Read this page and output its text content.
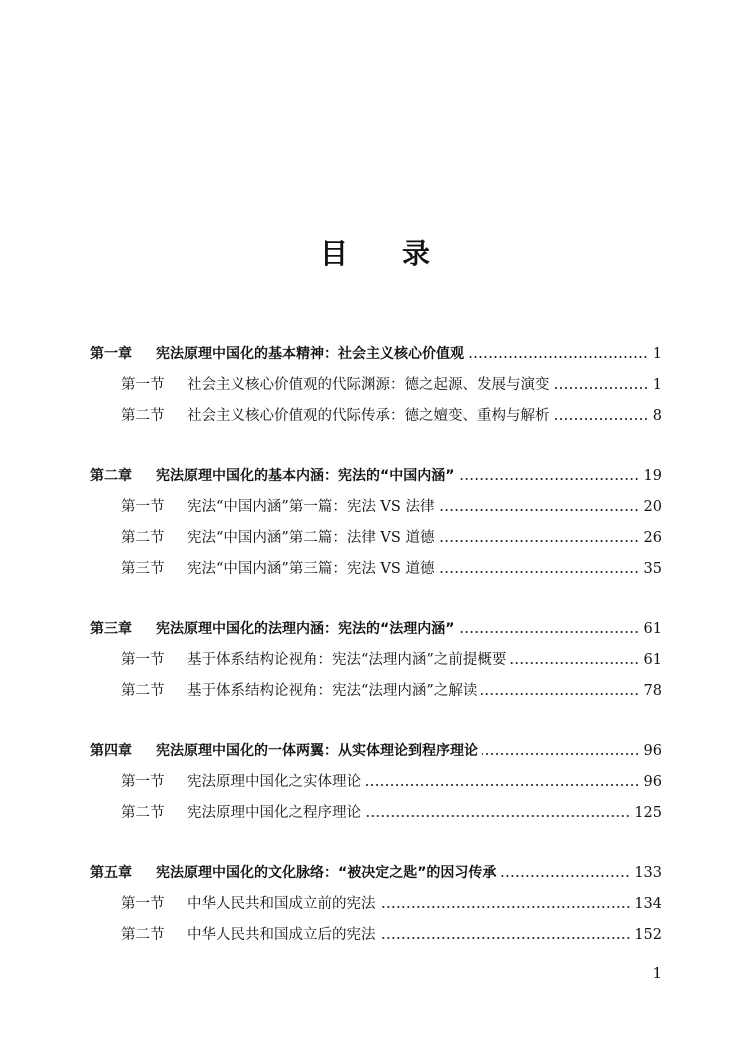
目 录
第一章 宪法原理中国化的基本精神：社会主义核心价值观	1
第一节 社会主义核心价值观的代际渊源：德之起源、发展与演变	1
第二节 社会主义核心价值观的代际传承：德之嬗变、重构与解析	8
第二章 宪法原理中国化的基本内涵：宪法的“中国内涵”	19
第一节 宪法“中国内涵”第一篇：宪法 VS 法律	20
第二节 宪法“中国内涵”第二篇：法律 VS 道德	26
第三节 宪法“中国内涵”第三篇：宪法 VS 道德	35
第三章 宪法原理中国化的法理内涵：宪法的“法理内涵”	61
第一节 基于体系结构论视角：宪法“法理内涵”之前提概要	61
第二节 基于体系结构论视角：宪法“法理内涵”之解读	78
第四章 宪法原理中国化的一体两翼：从实体理论到程序理论	96
第一节 宪法原理中国化之实体理论	96
第二节 宪法原理中国化之程序理论	125
第五章 宪法原理中国化的文化脉络：“被决定之匙”的因习传承	133
第一节 中华人民共和国成立前的宪法	134
第二节 中华人民共和国成立后的宪法	152
1
